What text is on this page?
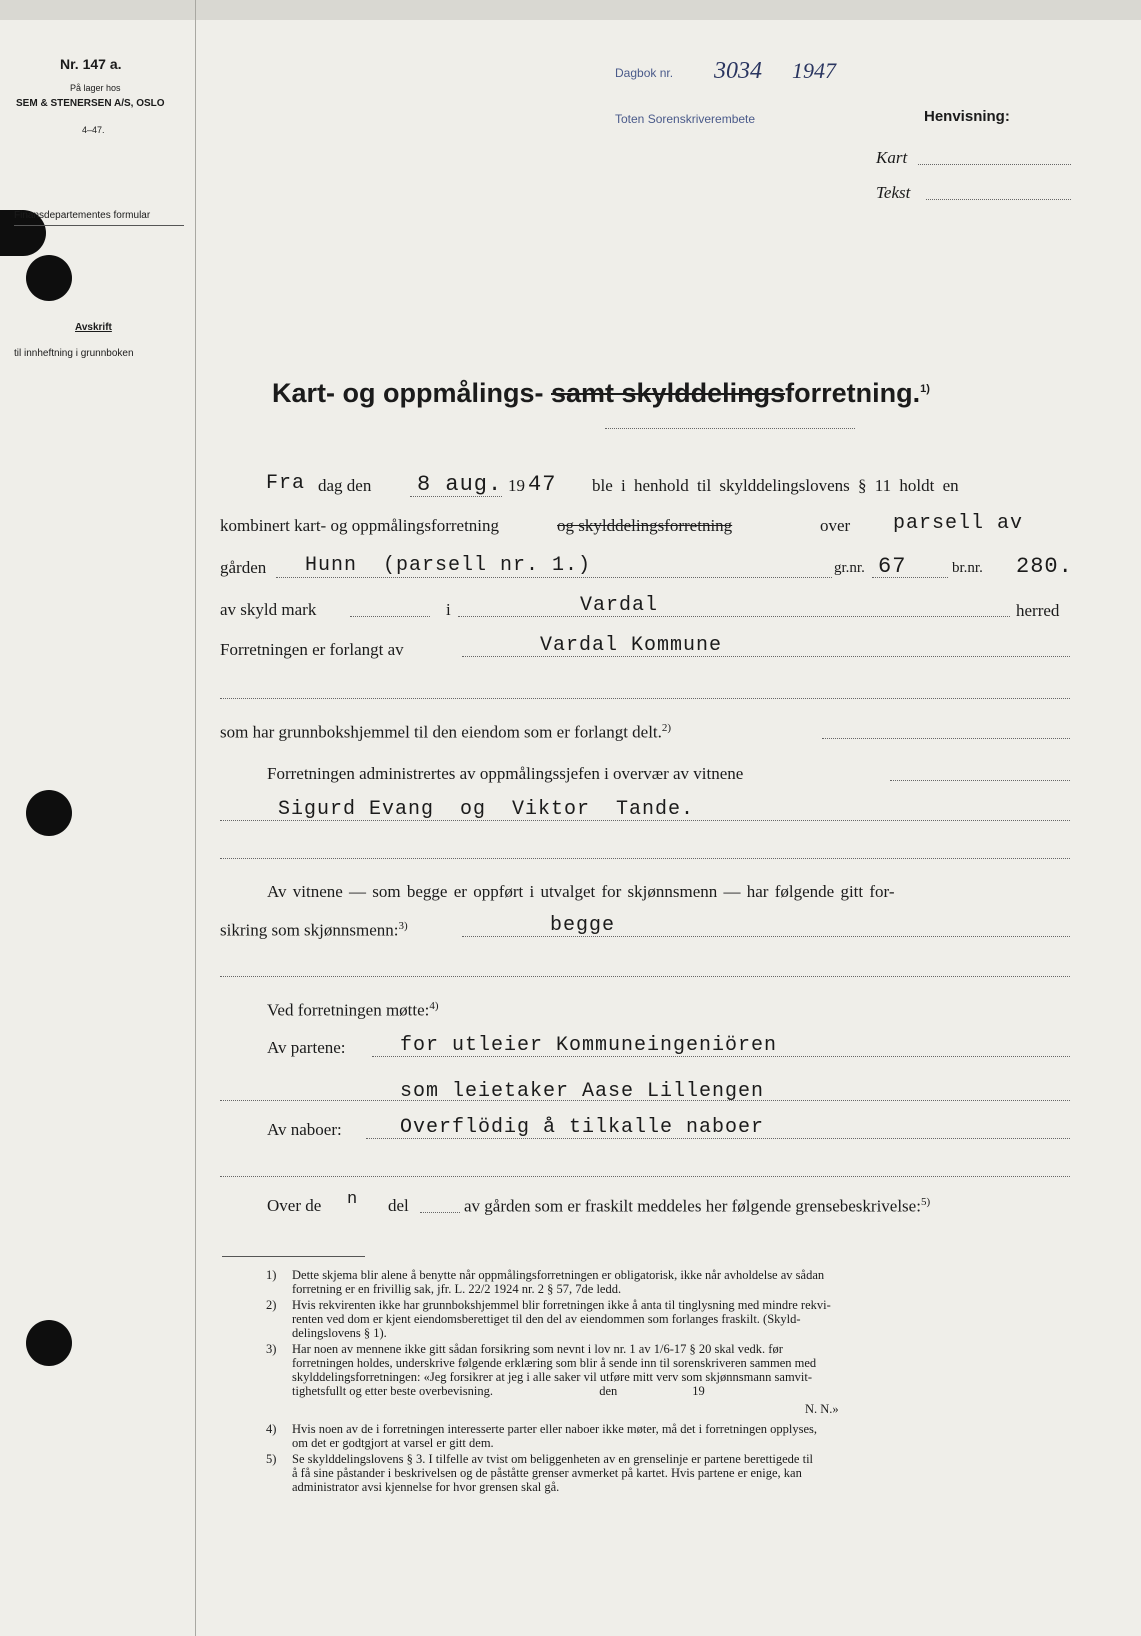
Nr. 147 a.
På lager hos
SEM & STENERSEN A/S, OSLO
4–47.
Finansdepartementes formular
Avskrift
til innheftning i grunnboken
Dagbok nr. 3034 1947
Toten Sorenskriverembete	Henvisning:
Kart
Tekst
Kart- og oppmålings- samt skylddelingsforretning.$^{1)}$
Fra dag den 8 aug. 19 47 ble i henhold til skylddelingslovens § 11 holdt en
kombinert kart- og oppmålingsforretning	og skylddelingsforretning	over parsell av
gården Hunn  (parsell nr. 1.)	gr.nr. 67	br.nr. 280.
av skyld mark	i	Vardal	herred
Forretningen er forlangt av	Vardal Kommune
som har grunnbokshjemmel til den eiendom som er forlangt delt.$^{2)}$
Forretningen administrertes av oppmålingssjefen i overvær av vitnene
Sigurd Evang  og  Viktor  Tande.
Av vitnene — som begge er oppført i utvalget for skjønnsmenn — har følgende gitt for-
sikring som skjønnsmenn:$^{3)}$	begge
Ved forretningen møtte:$^{4)}$
Av partene:	for utleier Kommuneingeniören
som leietaker Aase Lillengen
Av naboer:	Overflödig å tilkalle naboer
Over de n del	av gården som er fraskilt meddeles her følgende grensebeskrivelse:$^{5)}$
1) Dette skjema blir alene å benytte når oppmålingsforretningen er obligatorisk, ikke når avholdelse av sådan
forretning er en frivillig sak, jfr. L. 22/2 1924 nr. 2 § 57, 7de ledd.
2) Hvis rekvirenten ikke har grunnbokshjemmel blir forretningen ikke å anta til tinglysning med mindre rekvi-
renten ved dom er kjent eiendomsberettiget til den del av eiendommen som forlanges fraskilt. (Skyld-
delingslovens § 1).
3) Har noen av mennene ikke gitt sådan forsikring som nevnt i lov nr. 1 av 1/6-17 § 20 skal vedk. før
forretningen holdes, underskrive følgende erklæring som blir å sende inn til sorenskriveren sammen med
skylddelingsforretningen: «Jeg forsikrer at jeg i alle saker vil utføre mitt verv som skjønnsmann samvit-
tighetsfullt og etter beste overbevisning.                                  den                        19
N. N.»
4) Hvis noen av de i forretningen interesserte parter eller naboer ikke møter, må det i forretningen opplyses,
om det er godtgjort at varsel er gitt dem.
5) Se skylddelingslovens § 3. I tilfelle av tvist om beliggenheten av en grenselinje er partene berettigede til
å få sine påstander i beskrivelsen og de påståtte grenser avmerket på kartet. Hvis partene er enige, kan
administrator avsi kjennelse for hvor grensen skal gå.
